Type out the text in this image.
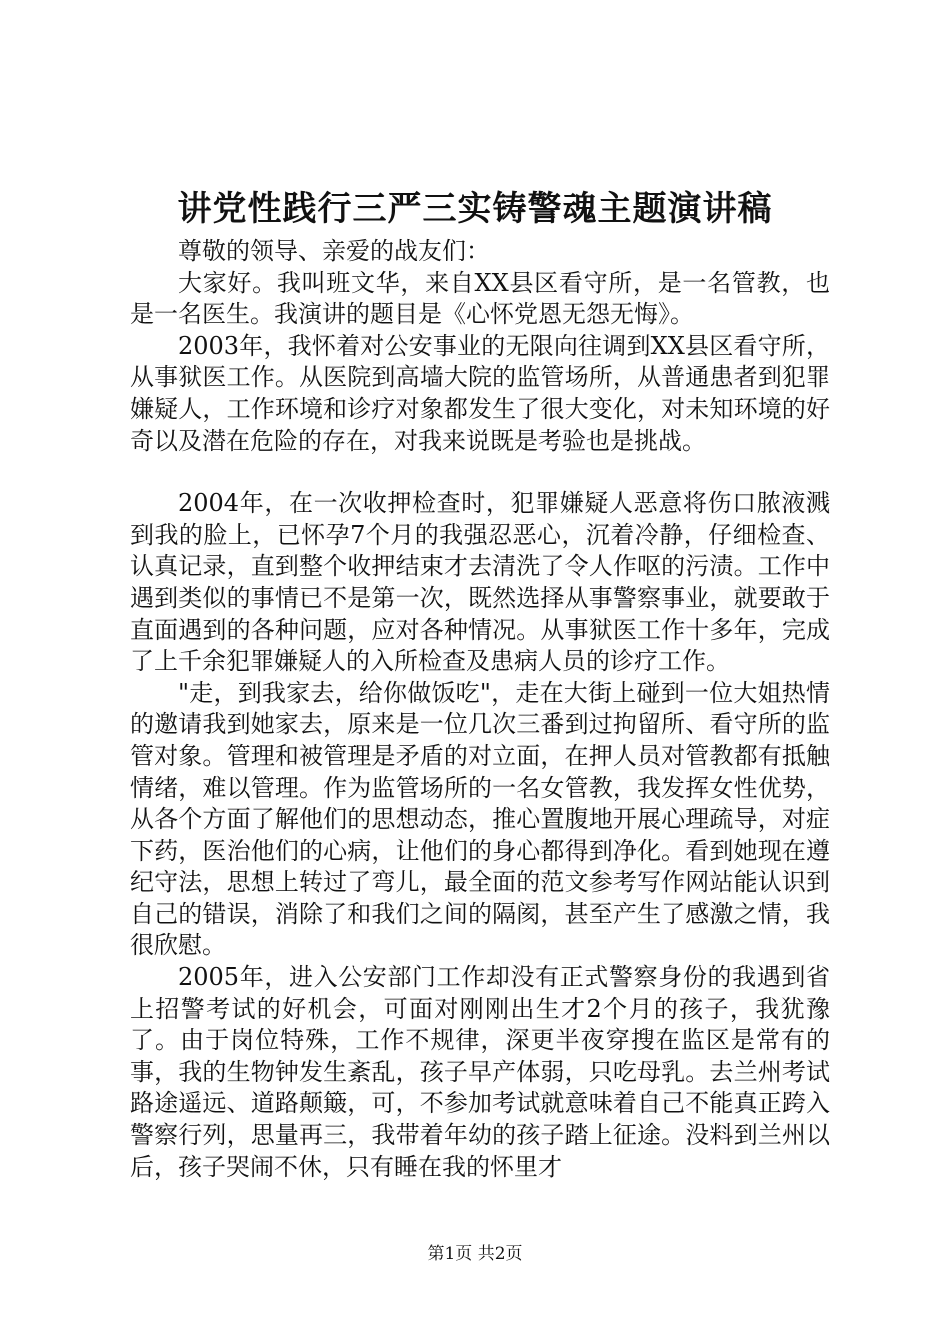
讲党性践行三严三实铸警魂主题演讲稿

尊敬的领导、亲爱的战友们：

大家好。我叫班文华，来自XX县区看守所，是一名管教，也是一名医生。我演讲的题目是《心怀党恩无怨无悔》。

2003年，我怀着对公安事业的无限向往调到XX县区看守所，从事狱医工作。从医院到高墙大院的监管场所，从普通患者到犯罪嫌疑人，工作环境和诊疗对象都发生了很大变化，对未知环境的好奇以及潜在危险的存在，对我来说既是考验也是挑战。

2004年，在一次收押检查时，犯罪嫌疑人恶意将伤口脓液溅到我的脸上，已怀孕7个月的我强忍恶心，沉着冷静，仔细检查、认真记录，直到整个收押结束才去清洗了令人作呕的污渍。工作中遇到类似的事情已不是第一次，既然选择从事警察事业，就要敢于直面遇到的各种问题，应对各种情况。从事狱医工作十多年，完成了上千余犯罪嫌疑人的入所检查及患病人员的诊疗工作。

"走，到我家去，给你做饭吃"，走在大街上碰到一位大姐热情的邀请我到她家去，原来是一位几次三番到过拘留所、看守所的监管对象。管理和被管理是矛盾的对立面，在押人员对管教都有抵触情绪，难以管理。作为监管场所的一名女管教，我发挥女性优势，从各个方面了解他们的思想动态，推心置腹地开展心理疏导，对症下药，医治他们的心病，让他们的身心都得到净化。看到她现在遵纪守法，思想上转过了弯儿，最全面的范文参考写作网站能认识到自己的错误，消除了和我们之间的隔阂，甚至产生了感激之情，我很欣慰。

2005年，进入公安部门工作却没有正式警察身份的我遇到省上招警考试的好机会，可面对刚刚出生才2个月的孩子，我犹豫了。由于岗位特殊，工作不规律，深更半夜穿搜在监区是常有的事，我的生物钟发生紊乱，孩子早产体弱，只吃母乳。去兰州考试路途遥远、道路颠簸，可，不参加考试就意味着自己不能真正跨入警察行列，思量再三，我带着年幼的孩子踏上征途。没料到兰州以后，孩子哭闹不休，只有睡在我的怀里才

第1页 共2页
